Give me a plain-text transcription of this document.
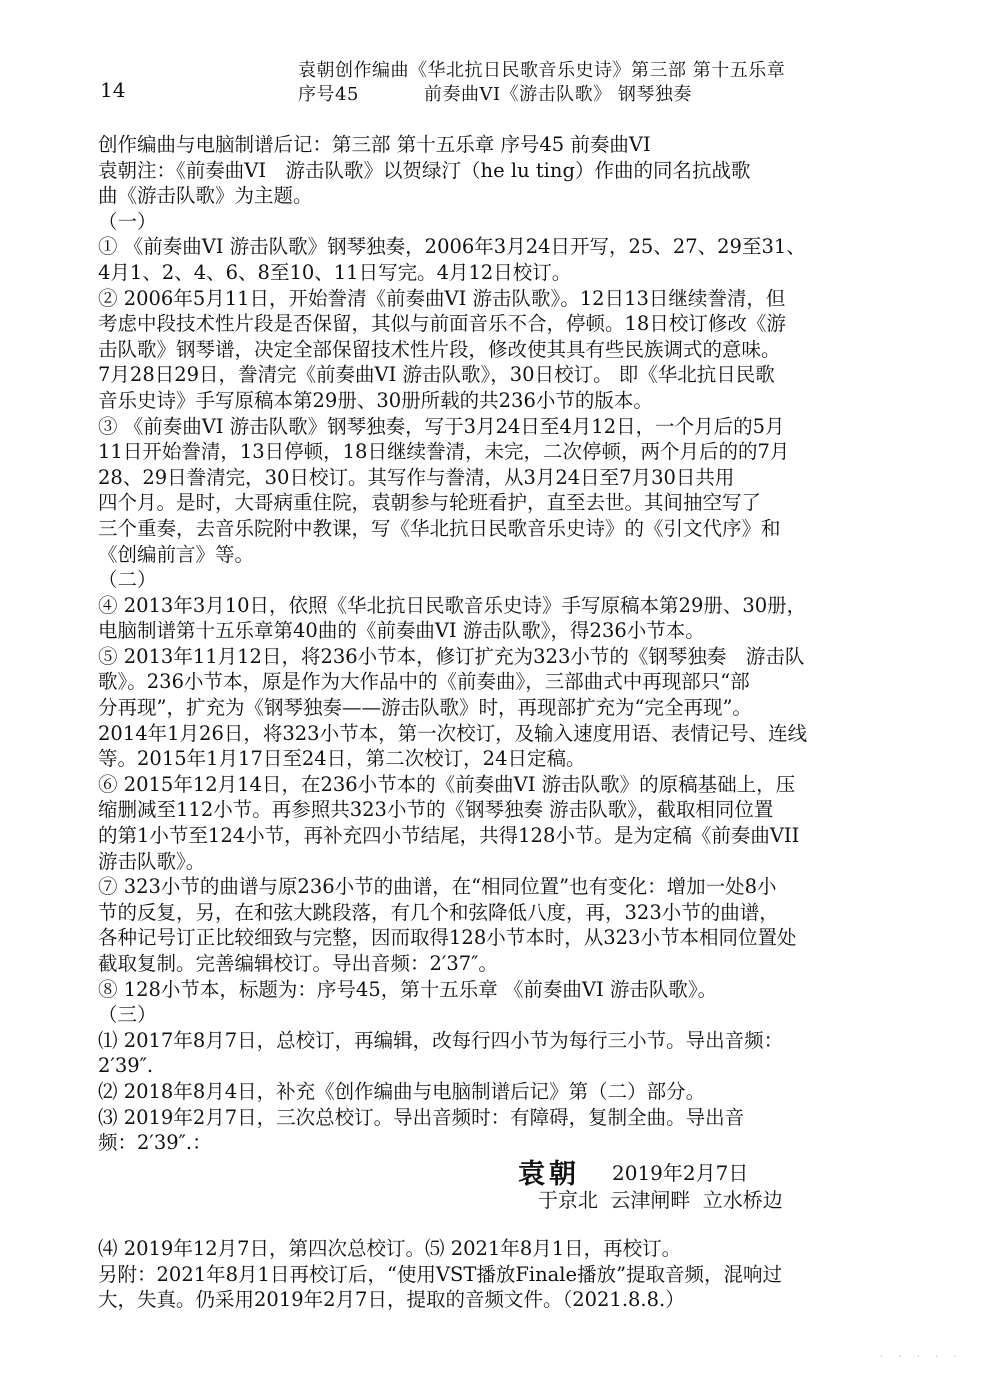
14
袁朝创作编曲《华北抗日民歌音乐史诗》第三部 第十五乐章
序号45	前奏曲VI《游击队歌》 钢琴独奏
创作编曲与电脑制谱后记：第三部 第十五乐章 序号45 前奏曲VI
袁朝注：《前奏曲VI　游击队歌》以贺绿汀（he lu ting）作曲的同名抗战歌
曲《游击队歌》为主题。
（一）
① 《前奏曲VI 游击队歌》钢琴独奏，2006年3月24日开写，25、27、29至31、
4月1、2、4、6、8至10、11日写完。4月12日校订。
② 2006年5月11日，开始誊清《前奏曲VI 游击队歌》。12日13日继续誊清，但
考虑中段技术性片段是否保留，其似与前面音乐不合，停顿。18日校订修改《游
击队歌》钢琴谱，决定全部保留技术性片段，修改使其具有些民族调式的意味。
7月28日29日，誊清完《前奏曲VI 游击队歌》，30日校订。 即《华北抗日民歌
音乐史诗》手写原稿本第29册、30册所载的共236小节的版本。
③ 《前奏曲VI 游击队歌》钢琴独奏，写于3月24日至4月12日，一个月后的5月
11日开始誊清，13日停顿，18日继续誊清，未完，二次停顿，两个月后的的7月
28、29日誊清完，30日校订。其写作与誊清，从3月24日至7月30日共用
四个月。是时，大哥病重住院，袁朝参与轮班看护，直至去世。其间抽空写了
三个重奏，去音乐院附中教课，写《华北抗日民歌音乐史诗》的《引文代序》和
《创编前言》等。
（二）
④ 2013年3月10日，依照《华北抗日民歌音乐史诗》手写原稿本第29册、30册，
电脑制谱第十五乐章第40曲的《前奏曲VI 游击队歌》，得236小节本。
⑤ 2013年11月12日，将236小节本，修订扩充为323小节的《钢琴独奏　游击队
歌》。236小节本，原是作为大作品中的《前奏曲》，三部曲式中再现部只“部
分再现”，扩充为《钢琴独奏——游击队歌》时，再现部扩充为“完全再现”。
2014年1月26日，将323小节本，第一次校订，及输入速度用语、表情记号、连线
等。2015年1月17日至24日，第二次校订，24日定稿。
⑥ 2015年12月14日，在236小节本的《前奏曲VI 游击队歌》的原稿基础上，压
缩删减至112小节。再参照共323小节的《钢琴独奏 游击队歌》，截取相同位置
的第1小节至124小节，再补充四小节结尾，共得128小节。是为定稿《前奏曲VII
游击队歌》。
⑦ 323小节的曲谱与原236小节的曲谱，在“相同位置”也有变化：增加一处8小
节的反复，另，在和弦大跳段落，有几个和弦降低八度，再，323小节的曲谱，
各种记号订正比较细致与完整，因而取得128小节本时，从323小节本相同位置处
截取复制。完善编辑校订。导出音频：2′37″。
⑧ 128小节本，标题为：序号45，第十五乐章 《前奏曲VI 游击队歌》。
（三）
⑴ 2017年8月7日，总校订，再编辑，改每行四小节为每行三小节。导出音频：
2′39″.
⑵ 2018年8月4日，补充《创作编曲与电脑制谱后记》第（二）部分。
⑶ 2019年2月7日，三次总校订。导出音频时：有障碍，复制全曲。导出音
频：2′39″.：
袁朝 2019年2月7日
于京北 云津闸畔 立水桥边
⑷ 2019年12月7日，第四次总校订。⑸ 2021年8月1日，再校订。
另附：2021年8月1日再校订后，“使用VST播放Finale播放”提取音频，混响过
大，失真。仍采用2019年2月7日，提取的音频文件。（2021.8.8.）
· · · · ·
